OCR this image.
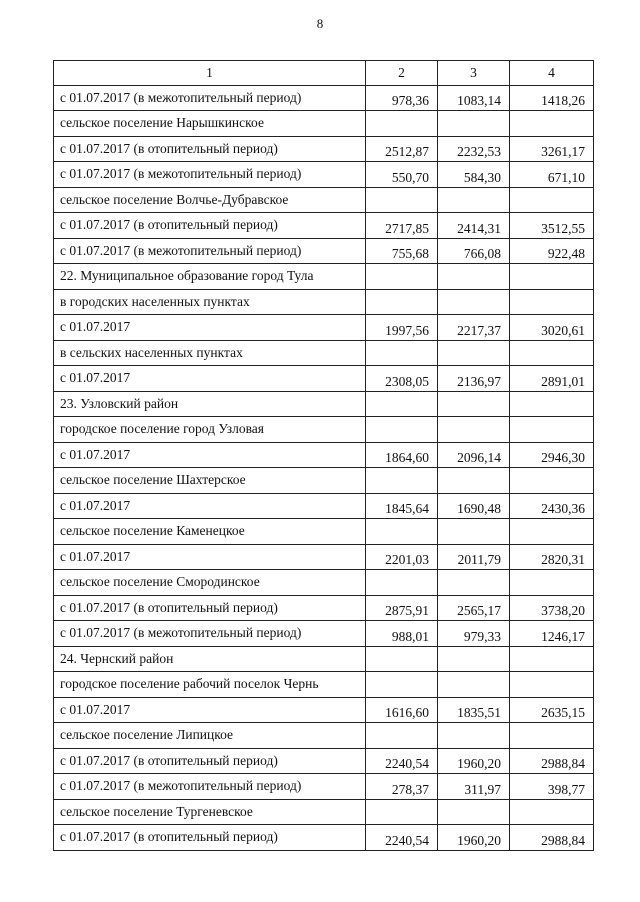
8
1	2	3	4
с 01.07.2017 (в межотопительный период)	978,36	1083,14	1418,26
сельское поселение Нарышкинское			
с 01.07.2017 (в отопительный период)	2512,87	2232,53	3261,17
с 01.07.2017 (в межотопительный период)	550,70	584,30	671,10
сельское поселение Волчье-Дубравское			
с 01.07.2017 (в отопительный период)	2717,85	2414,31	3512,55
с 01.07.2017 (в межотопительный период)	755,68	766,08	922,48
22. Муниципальное образование город Тула			
в городских населенных пунктах			
с 01.07.2017	1997,56	2217,37	3020,61
в сельских населенных пунктах			
с 01.07.2017	2308,05	2136,97	2891,01
23. Узловский район			
городское поселение город Узловая			
с 01.07.2017	1864,60	2096,14	2946,30
сельское поселение Шахтерское			
с 01.07.2017	1845,64	1690,48	2430,36
сельское поселение Каменецкое			
с 01.07.2017	2201,03	2011,79	2820,31
сельское поселение Смородинское			
с 01.07.2017 (в отопительный период)	2875,91	2565,17	3738,20
с 01.07.2017 (в межотопительный период)	988,01	979,33	1246,17
24. Чернский район			
городское поселение рабочий поселок Чернь			
с 01.07.2017	1616,60	1835,51	2635,15
сельское поселение Липицкое			
с 01.07.2017 (в отопительный период)	2240,54	1960,20	2988,84
с 01.07.2017 (в межотопительный период)	278,37	311,97	398,77
сельское поселение Тургеневское			
с 01.07.2017 (в отопительный период)	2240,54	1960,20	2988,84
